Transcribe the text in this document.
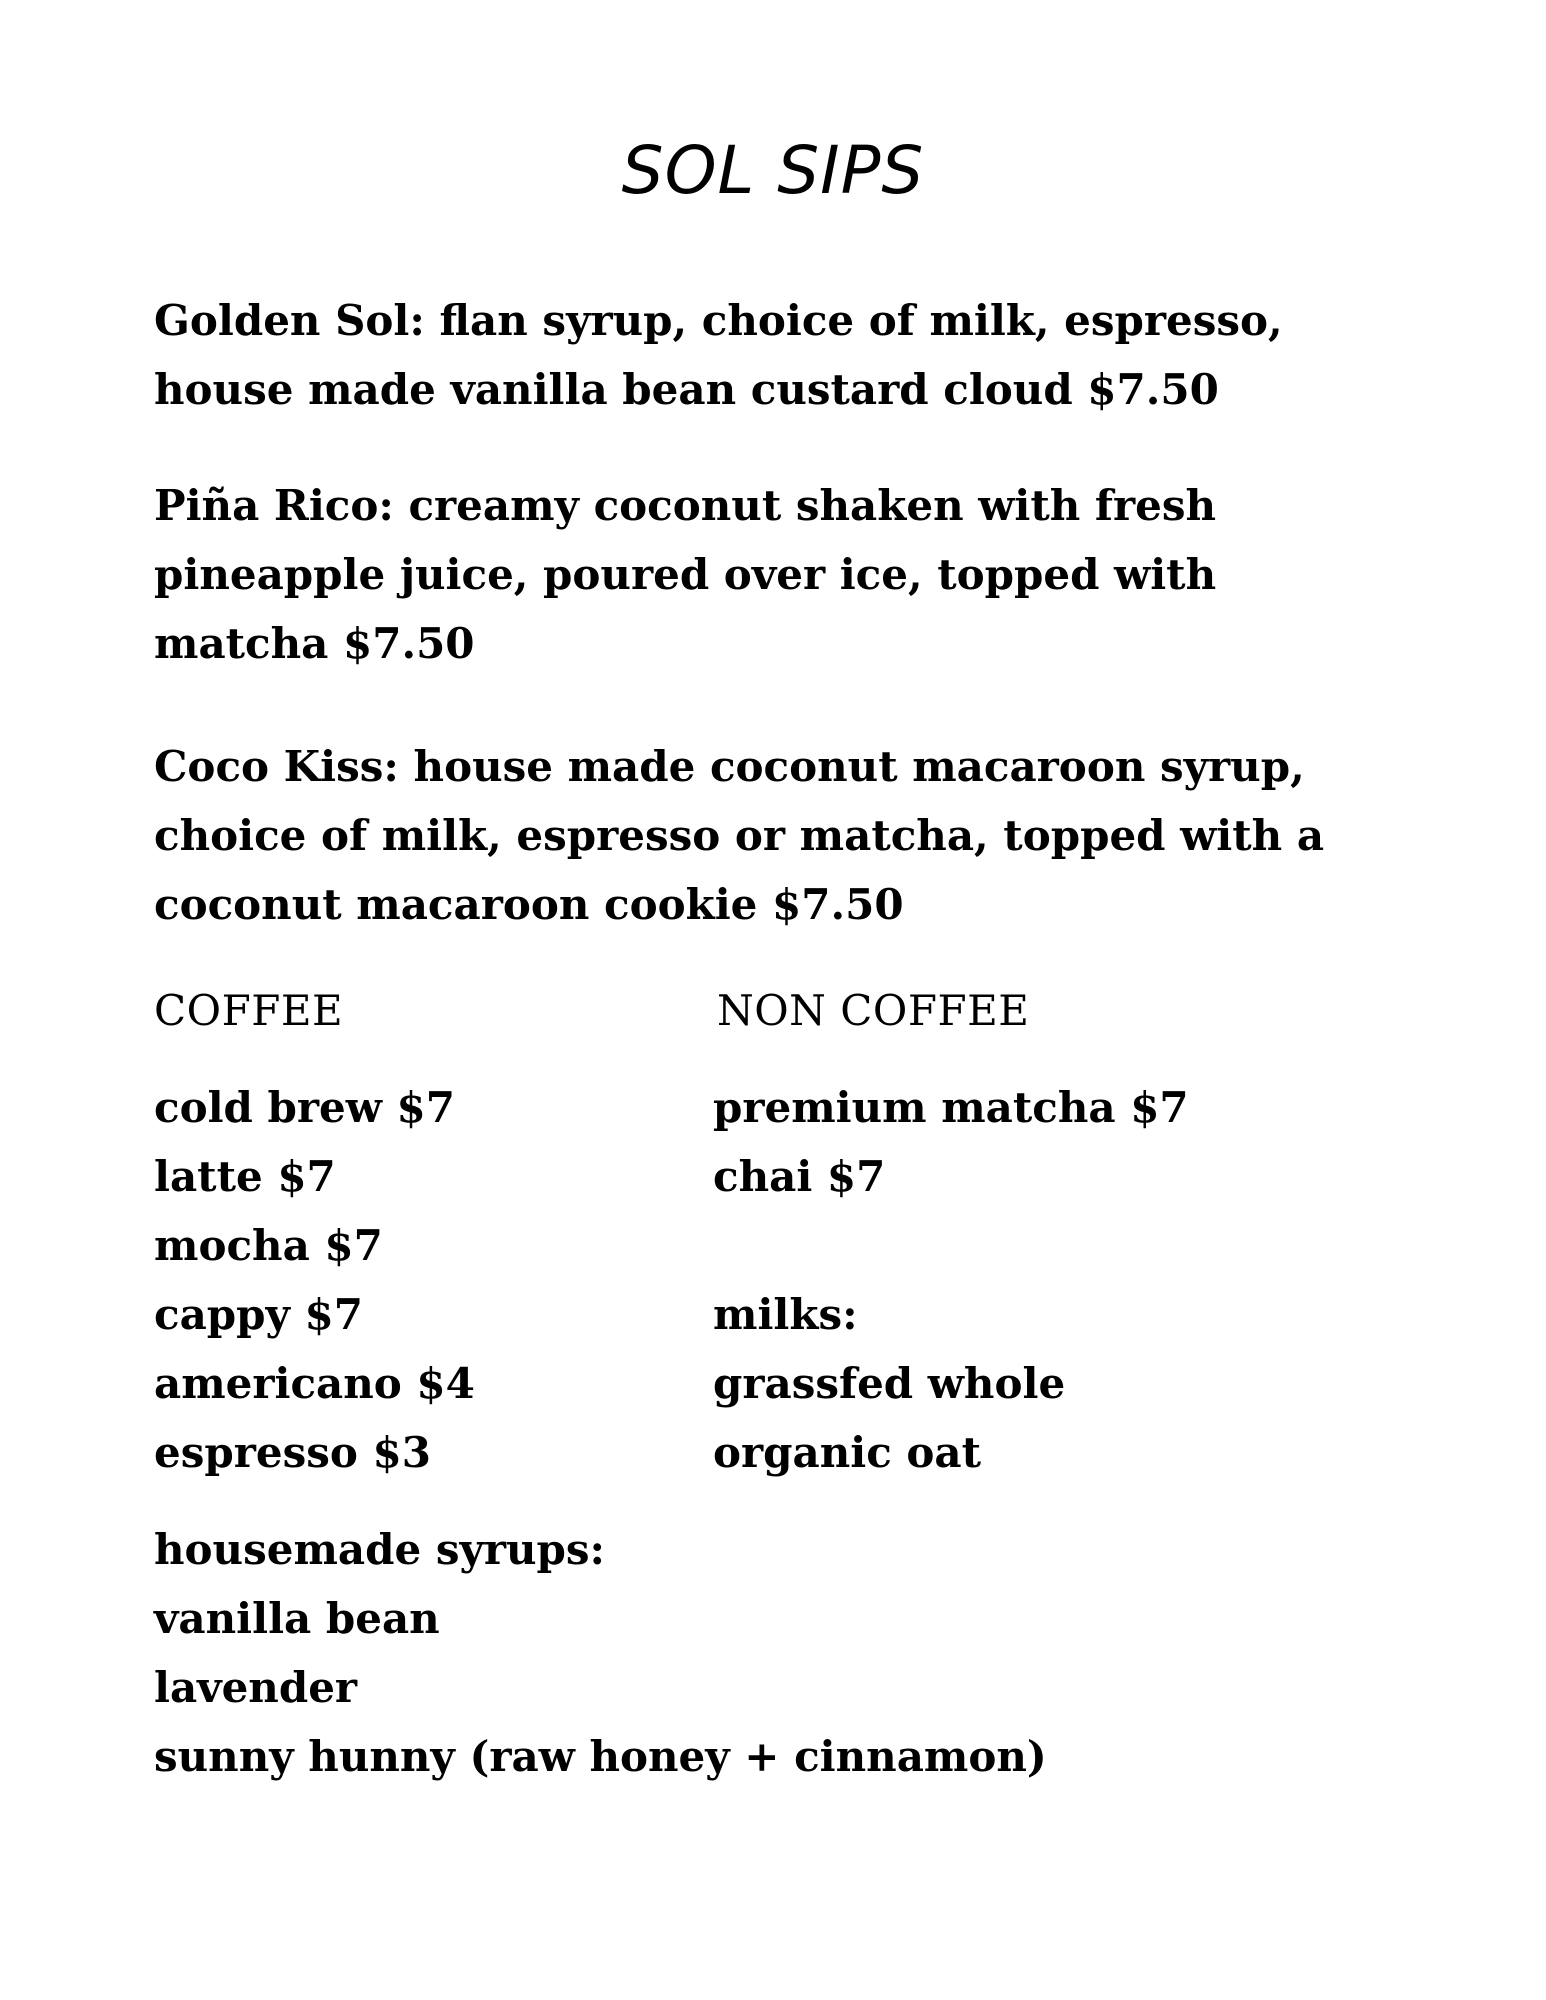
SOL SIPS
Golden Sol: flan syrup, choice of milk, espresso,
house made vanilla bean custard cloud $7.50
Piña Rico: creamy coconut shaken with fresh
pineapple juice, poured over ice, topped with
matcha $7.50
Coco Kiss: house made coconut macaroon syrup,
choice of milk, espresso or matcha, topped with a
coconut macaroon cookie $7.50
COFFEE	NON COFFEE
cold brew $7
latte $7
mocha $7
cappy $7
americano $4
espresso $3
premium matcha $7
chai $7
milks:
grassfed whole
organic oat
housemade syrups:
vanilla bean
lavender
sunny hunny (raw honey + cinnamon)
